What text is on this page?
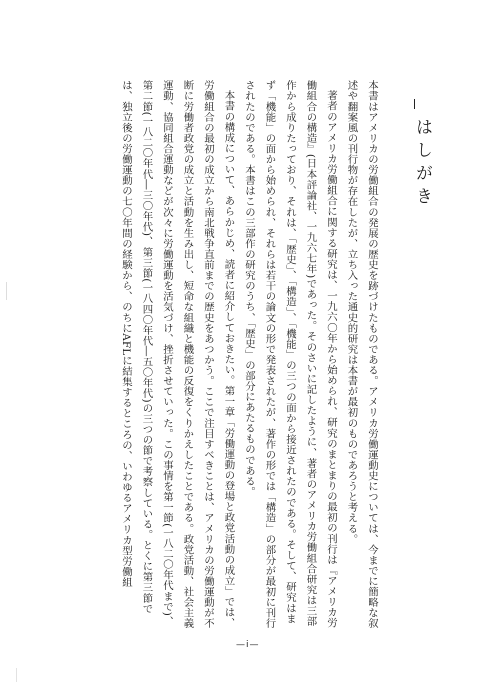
はしがき

本書はアメリカの労働組合の発展の歴史を跡づけたものである。アメリカ労働運動史については、今までに簡略な叙述や翻案風の刊行物が存在したが、立ち入った通史的研究は本書が最初のものであろうと考える。

著者のアメリカ労働組合に関する研究は、一九六〇年から始められ、研究のまとまりの最初の刊行は『アメリカ労働組合の構造』(日本評論社、一九六七年)であった。そのさいに記したように、著者のアメリカ労働組合研究は三部作から成りたっており、それは、「歴史」、「構造」、「機能」の三つの面から接近されたのである。そして、研究はまず「機能」の面から始められ、それらは若干の論文の形で発表されたが、著作の形では「構造」の部分が最初に刊行されたのである。本書はこの三部作の研究のうち、「歴史」の部分にあたるものである。

本書の構成について、あらかじめ、読者に紹介しておきたい。第一章「労働運動の登場と政党活動の成立」では、労働組合の最初の成立から南北戦争直前までの歴史をあつかう。ここで注目すべきことは、アメリカの労働運動が不断に労働者政党の成立と活動を生み出し、短命な組織と機能の反復をくりかえしたことである。政党活動、社会主義運動、協同組合運動などが次々に労働運動を活気づけ、挫折させていった。この事情を第一節(一八二〇年代まで)、第二節(一八二〇年代―三〇年代)、第三節(一八四〇年代―五〇年代)の三つの節で考察している。とくに第三節では、独立後の労働運動の七〇年間の経験から、のちにAFLに結集するところの、いわゆるアメリカ型労働組

—i—
